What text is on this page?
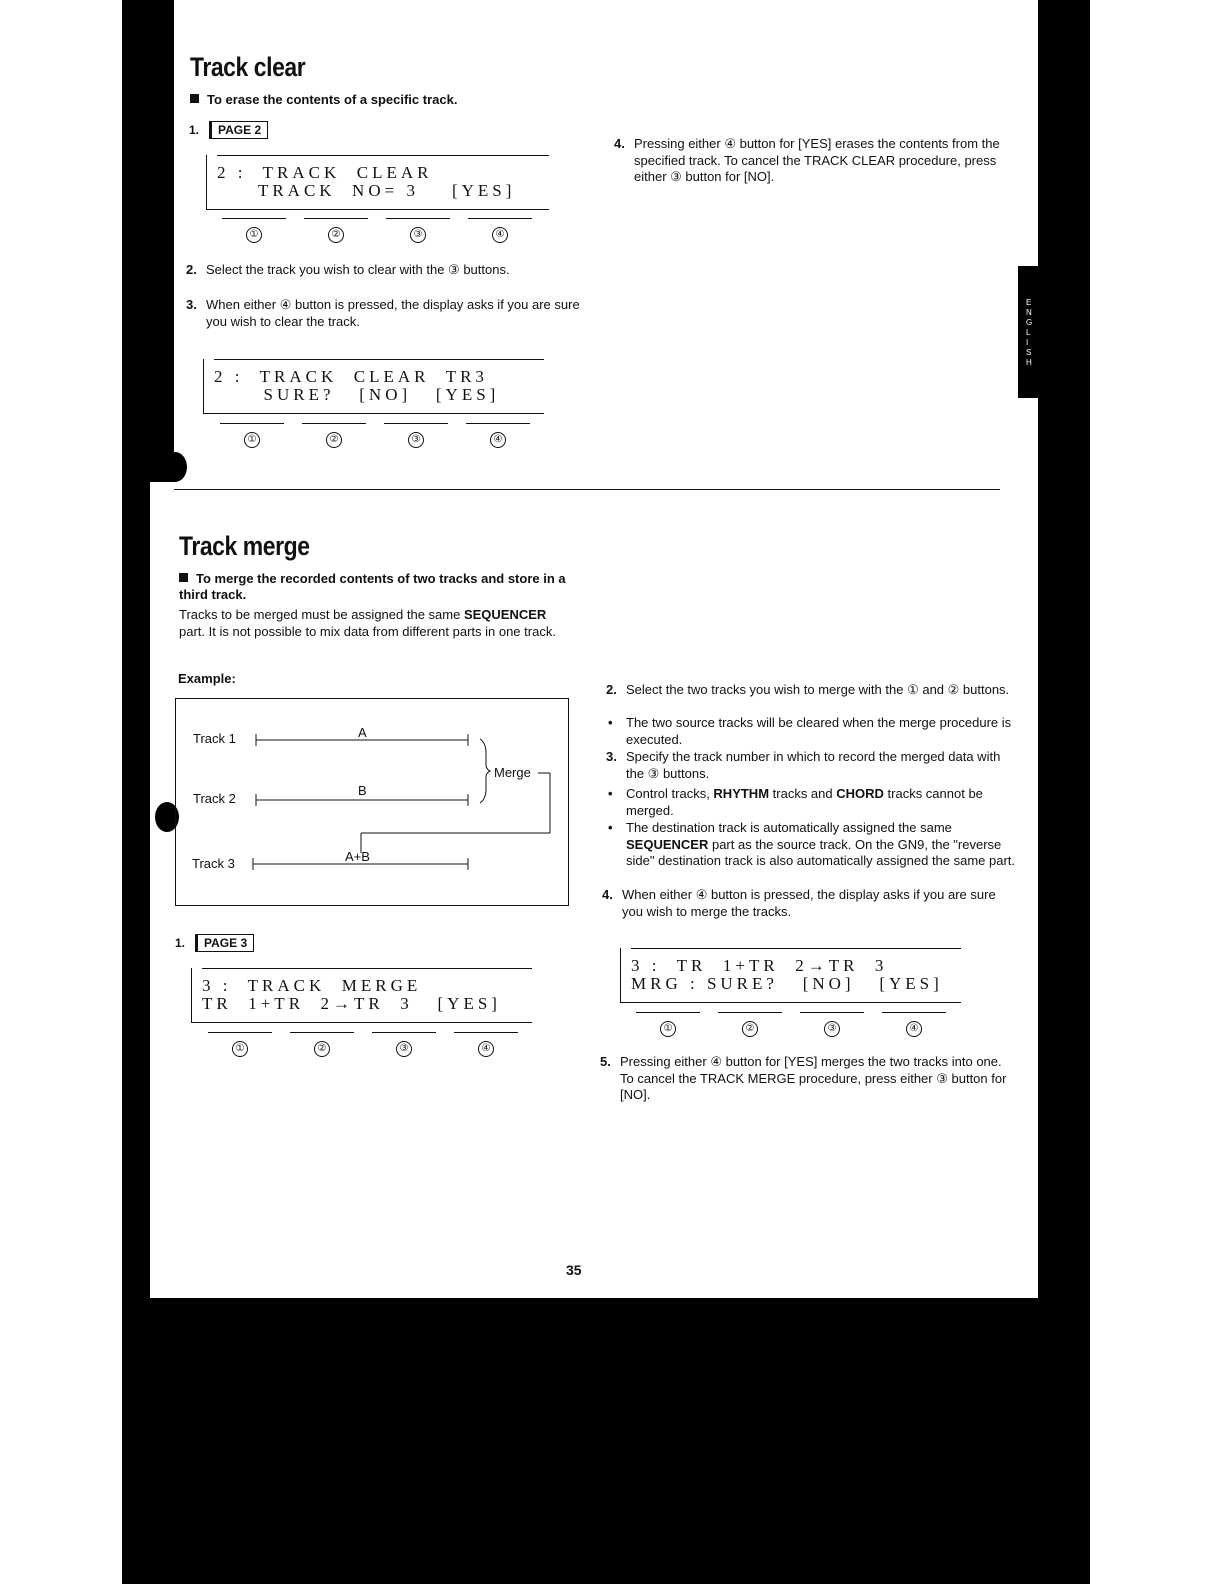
E
N
G
L
I
S
H
Track clear
To erase the contents of a specific track.
1. PAGE 2
2 :  TRACK  CLEAR
TRACK  NO= 3    [YES]
①	②	③	④
2. Select the track you wish to clear with the ③ buttons.
3. When either ④ button is pressed, the display asks if you are sure you wish to clear the track.
2 :  TRACK  CLEAR  TR3
SURE?   [NO]   [YES]
①	②	③	④
4. Pressing either ④ button for [YES] erases the contents from the specified track. To cancel the TRACK CLEAR procedure, press either ③ button for [NO].
Track merge
To merge the recorded contents of two tracks and store in a third track.
Tracks to be merged must be assigned the same SEQUENCER part. It is not possible to mix data from different parts in one track.
Example:
Track 1	A
Track 2
B
Track 3	A+B
Merge
1. PAGE 3
3 :  TRACK  MERGE
TR  1+TR  2→TR  3   [YES]
①	②	③	④
2. Select the two tracks you wish to merge with the ① and ② buttons.
• The two source tracks will be cleared when the merge procedure is executed.
3. Specify the track number in which to record the merged data with the ③ buttons.
• Control tracks, RHYTHM tracks and CHORD tracks cannot be merged.
• The destination track is automatically assigned the same SEQUENCER part as the source track. On the GN9, the "reverse side" destination track is also automatically assigned the same part.
4. When either ④ button is pressed, the display asks if you are sure you wish to merge the tracks.
3 :  TR  1+TR  2→TR  3
MRG : SURE?   [NO]   [YES]
①	②	③	④
5. Pressing either ④ button for [YES] merges the two tracks into one. To cancel the TRACK MERGE procedure, press either ③ button for [NO].
35
